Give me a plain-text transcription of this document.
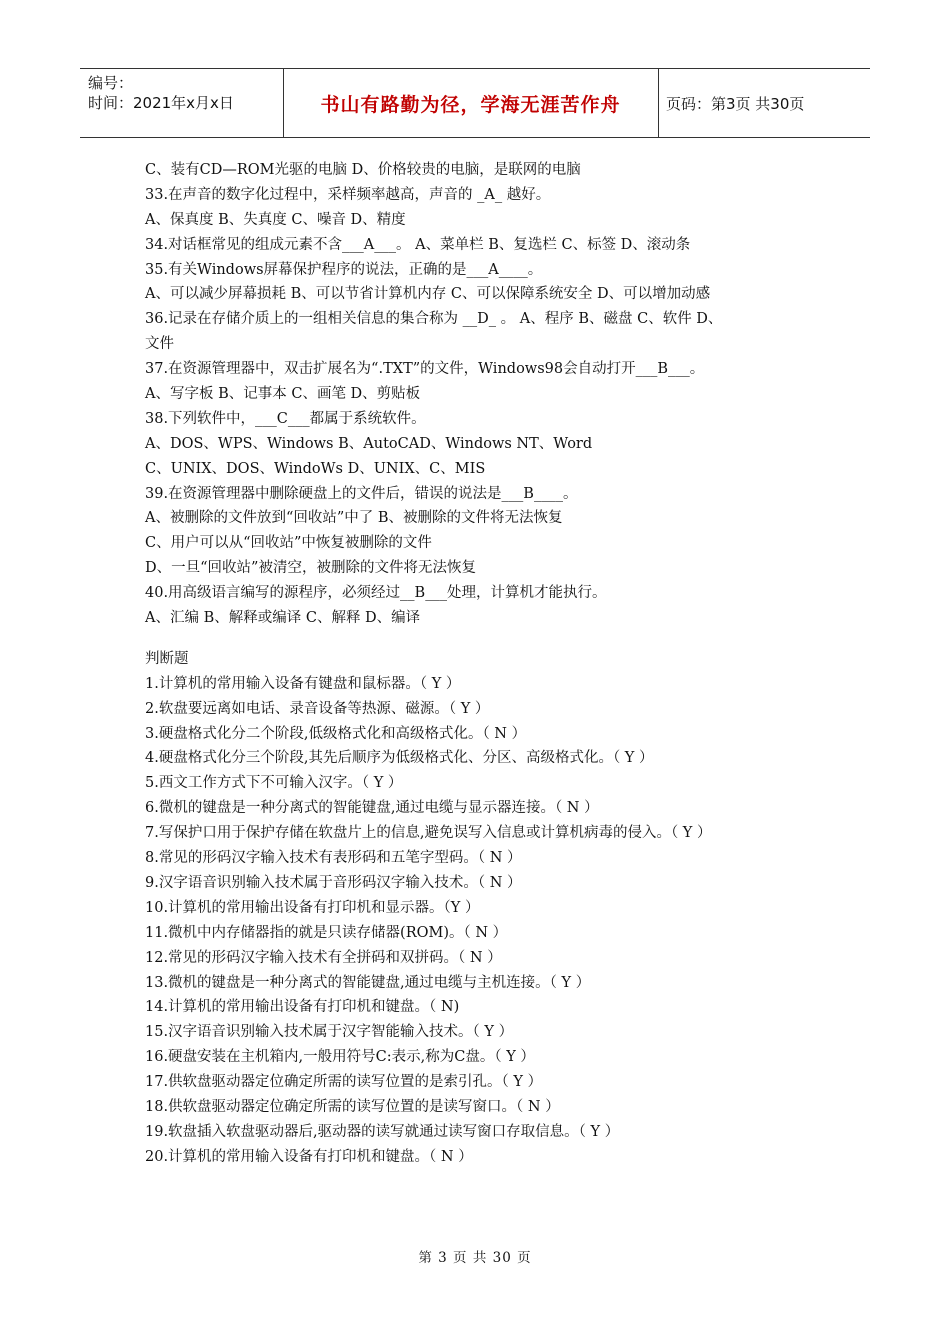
编号：
时间：2021年x月x日	书山有路勤为径，学海无涯苦作舟	页码：第3页 共30页
C、装有CD—ROM光驱的电脑 D、价格较贵的电脑，是联网的电脑
33.在声音的数字化过程中，采样频率越高，声音的 _A_ 越好。
A、保真度 B、失真度 C、噪音 D、精度
34.对话框常见的组成元素不含___A___。 A、菜单栏 B、复选栏 C、标签 D、滚动条
35.有关Windows屏幕保护程序的说法，正确的是___A____。
A、可以减少屏幕损耗 B、可以节省计算机内存 C、可以保障系统安全 D、可以增加动感
36.记录在存储介质上的一组相关信息的集合称为 __D_ 。 A、程序 B、磁盘 C、软件 D、
文件
37.在资源管理器中，双击扩展名为“.TXT”的文件，Windows98会自动打开___B___。
A、写字板 B、记事本 C、画笔 D、剪贴板
38.下列软件中，___C___都属于系统软件。
A、DOS、WPS、Windows B、AutoCAD、Windows NT、Word
C、UNIX、DOS、WindoWs D、UNIX、C、MIS
39.在资源管理器中删除硬盘上的文件后，错误的说法是___B____。
A、被删除的文件放到“回收站”中了 B、被删除的文件将无法恢复
C、用户可以从“回收站”中恢复被删除的文件
D、一旦“回收站”被清空，被删除的文件将无法恢复
40.用高级语言编写的源程序，必须经过__B___处理，计算机才能执行。
A、汇编 B、解释或编译 C、解释 D、编译
判断题
1.计算机的常用输入设备有键盘和鼠标器。（ Y ）
2.软盘要远离如电话、录音设备等热源、磁源。（ Y ）
3.硬盘格式化分二个阶段,低级格式化和高级格式化。（ N ）
4.硬盘格式化分三个阶段,其先后顺序为低级格式化、分区、高级格式化。（ Y ）
5.西文工作方式下不可输入汉字。（ Y ）
6.微机的键盘是一种分离式的智能键盘,通过电缆与显示器连接。（ N ）
7.写保护口用于保护存储在软盘片上的信息,避免误写入信息或计算机病毒的侵入。（ Y ）
8.常见的形码汉字输入技术有表形码和五笔字型码。（ N ）
9.汉字语音识别输入技术属于音形码汉字输入技术。（ N ）
10.计算机的常用输出设备有打印机和显示器。（Y ）
11.微机中内存储器指的就是只读存储器(ROM)。（ N ）
12.常见的形码汉字输入技术有全拼码和双拼码。（ N ）
13.微机的键盘是一种分离式的智能键盘,通过电缆与主机连接。（ Y ）
14.计算机的常用输出设备有打印机和键盘。（ N)
15.汉字语音识别输入技术属于汉字智能输入技术。（ Y ）
16.硬盘安装在主机箱内,一般用符号C:表示,称为C盘。（ Y ）
17.供软盘驱动器定位确定所需的读写位置的是索引孔。（ Y ）
18.供软盘驱动器定位确定所需的读写位置的是读写窗口。（ N ）
19.软盘插入软盘驱动器后,驱动器的读写就通过读写窗口存取信息。（ Y ）
20.计算机的常用输入设备有打印机和键盘。（ N ）
第 3 页 共 30 页
